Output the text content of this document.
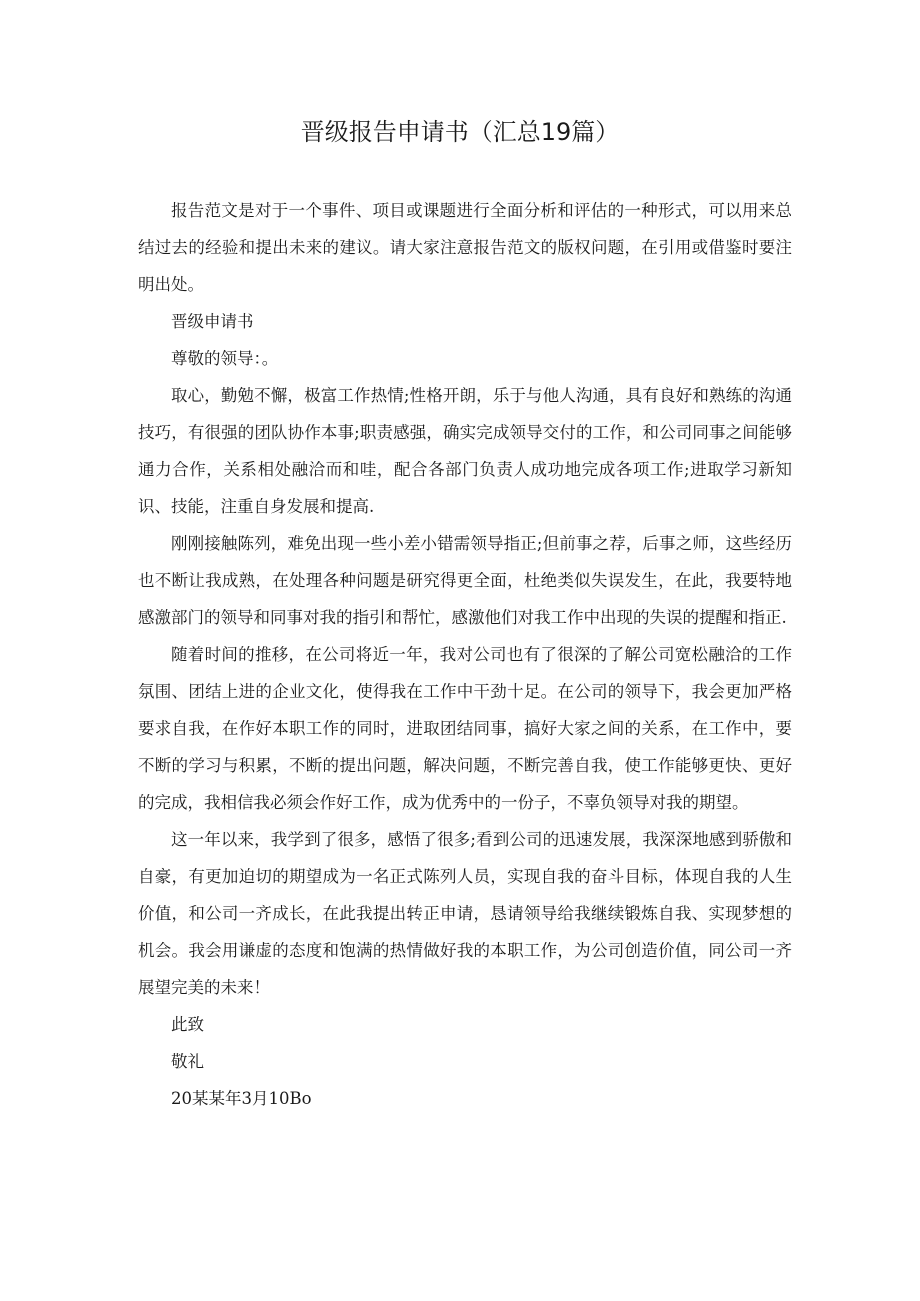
晋级报告申请书（汇总19篇）

报告范文是对于一个事件、项目或课题进行全面分析和评估的一种形式，可以用来总结过去的经验和提出未来的建议。请大家注意报告范文的版权问题，在引用或借鉴时要注明出处。

晋级申请书

尊敬的领导：。

取心，勤勉不懈，极富工作热情;性格开朗，乐于与他人沟通，具有良好和熟练的沟通技巧，有很强的团队协作本事;职责感强，确实完成领导交付的工作，和公司同事之间能够通力合作，关系相处融洽而和哇，配合各部门负责人成功地完成各项工作;进取学习新知识、技能，注重自身发展和提高.

刚刚接触陈列，难免出现一些小差小错需领导指正;但前事之荐，后事之师，这些经历也不断让我成熟，在处理各种问题是研究得更全面，杜绝类似失误发生，在此，我要特地感激部门的领导和同事对我的指引和帮忙，感激他们对我工作中出现的失误的提醒和指正.

随着时间的推移，在公司将近一年，我对公司也有了很深的了解公司宽松融洽的工作氛围、团结上进的企业文化，使得我在工作中干劲十足。在公司的领导下，我会更加严格要求自我，在作好本职工作的同时，进取团结同事，搞好大家之间的关系，在工作中，要不断的学习与积累，不断的提出问题，解决问题，不断完善自我，使工作能够更快、更好的完成，我相信我必须会作好工作，成为优秀中的一份子，不辜负领导对我的期望。

这一年以来，我学到了很多，感悟了很多;看到公司的迅速发展，我深深地感到骄傲和自豪，有更加迫切的期望成为一名正式陈列人员，实现自我的奋斗目标，体现自我的人生价值，和公司一齐成长，在此我提出转正申请，恳请领导给我继续锻炼自我、实现梦想的机会。我会用谦虚的态度和饱满的热情做好我的本职工作，为公司创造价值，同公司一齐展望完美的未来！

此致

敬礼

20某某年3月10Bo
